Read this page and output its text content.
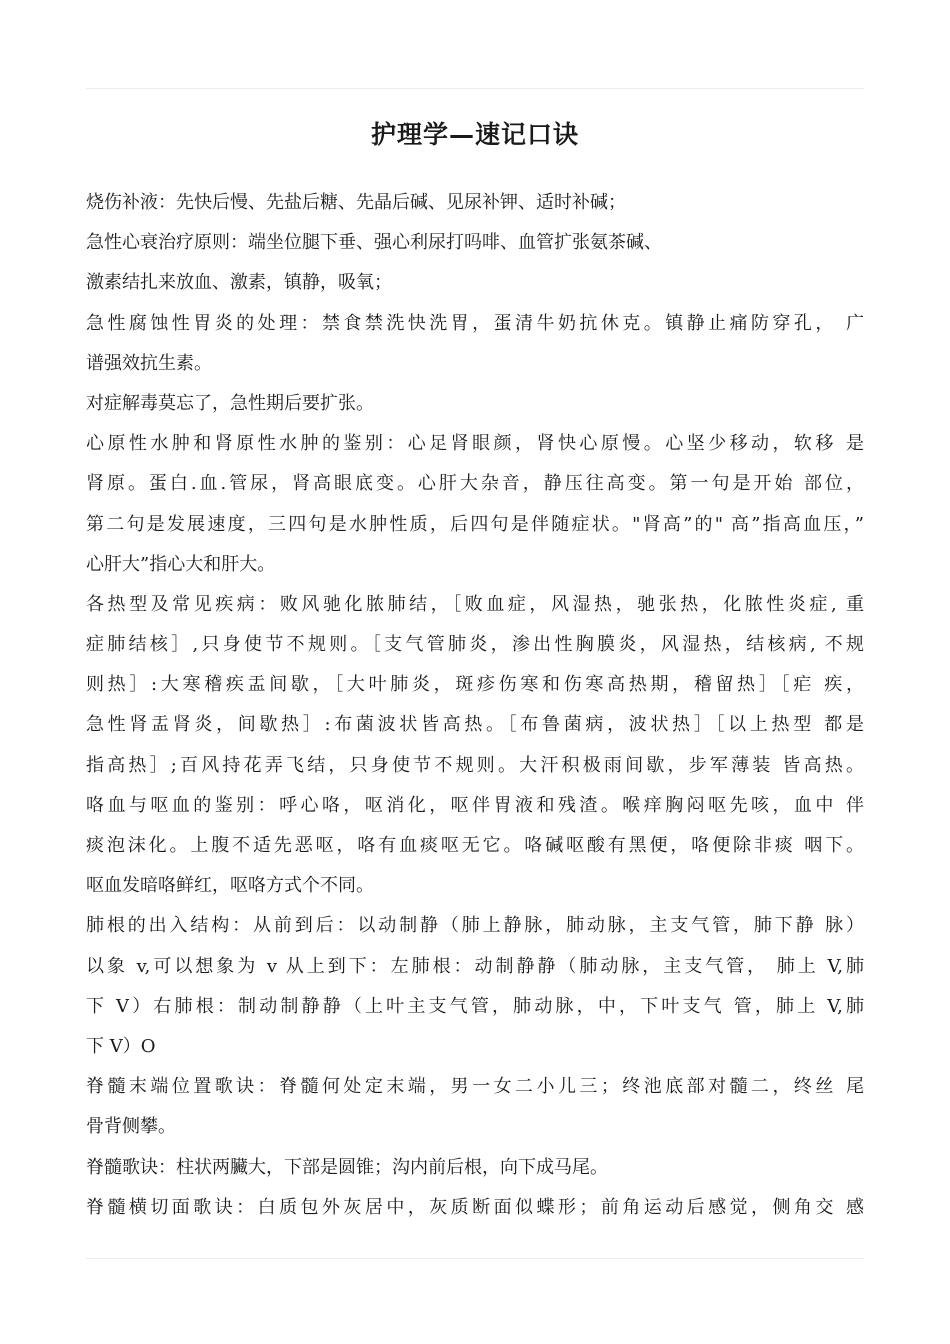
护理学—速记口诀
烧伤补液：先快后慢、先盐后糖、先晶后碱、见尿补钾、适时补碱；
急性心衰治疗原则：端坐位腿下垂、强心利尿打吗啡、血管扩张氨茶碱、
激素结扎来放血、激素，镇静，吸氧；
急性腐蚀性胃炎的处理：禁食禁洗快洗胃，蛋清牛奶抗休克。镇静止痛防穿孔， 广
谱强效抗生素。
对症解毒莫忘了，急性期后要扩张。
心原性水肿和肾原性水肿的鉴别：心足肾眼颜，肾快心原慢。心坚少移动，软移 是
肾原。蛋白.血.管尿，肾高眼底变。心肝大杂音，静压往高变。第一句是开始 部位，
第二句是发展速度，三四句是水肿性质，后四句是伴随症状。"肾高”的" 高”指高血压，”
心肝大”指心大和肝大。
各热型及常见疾病：败风驰化脓肺结，［败血症，风湿热，驰张热，化脓性炎症, 重
症肺结核］,只身使节不规则。［支气管肺炎，渗出性胸膜炎，风湿热，结核病, 不规
则热］:大寒稽疾盂间歇，［大叶肺炎，斑疹伤寒和伤寒高热期，稽留热］［疟 疾，
急性肾盂肾炎，间歇热］:布菌波状皆高热。［布鲁菌病，波状热］［以上热型 都是
指高热］;百风持花弄飞结，只身使节不规则。大汗积极雨间歇，步军薄装 皆高热。
咯血与呕血的鉴别：呼心咯，呕消化，呕伴胃液和残渣。喉痒胸闷呕先咳，血中 伴
痰泡沫化。上腹不适先恶呕，咯有血痰呕无它。咯碱呕酸有黑便，咯便除非痰 咽下。
呕血发暗咯鲜红，呕咯方式个不同。
肺根的出入结构：从前到后：以动制静（肺上静脉，肺动脉，主支气管，肺下静 脉）
以象 v,可以想象为 v 从上到下：左肺根：动制静静（肺动脉，主支气管， 肺上 V,肺
下 V）右肺根：制动制静静（上叶主支气管，肺动脉，中，下叶支气 管，肺上 V,肺
下 V）O
脊髓末端位置歌诀：脊髓何处定末端，男一女二小儿三；终池底部对髓二，终丝 尾
骨背侧攀。
脊髓歌诀：柱状两臟大，下部是圆锥；沟内前后根，向下成马尾。
脊髓横切面歌诀：白质包外灰居中，灰质断面似蝶形；前角运动后感觉，侧角交 感
